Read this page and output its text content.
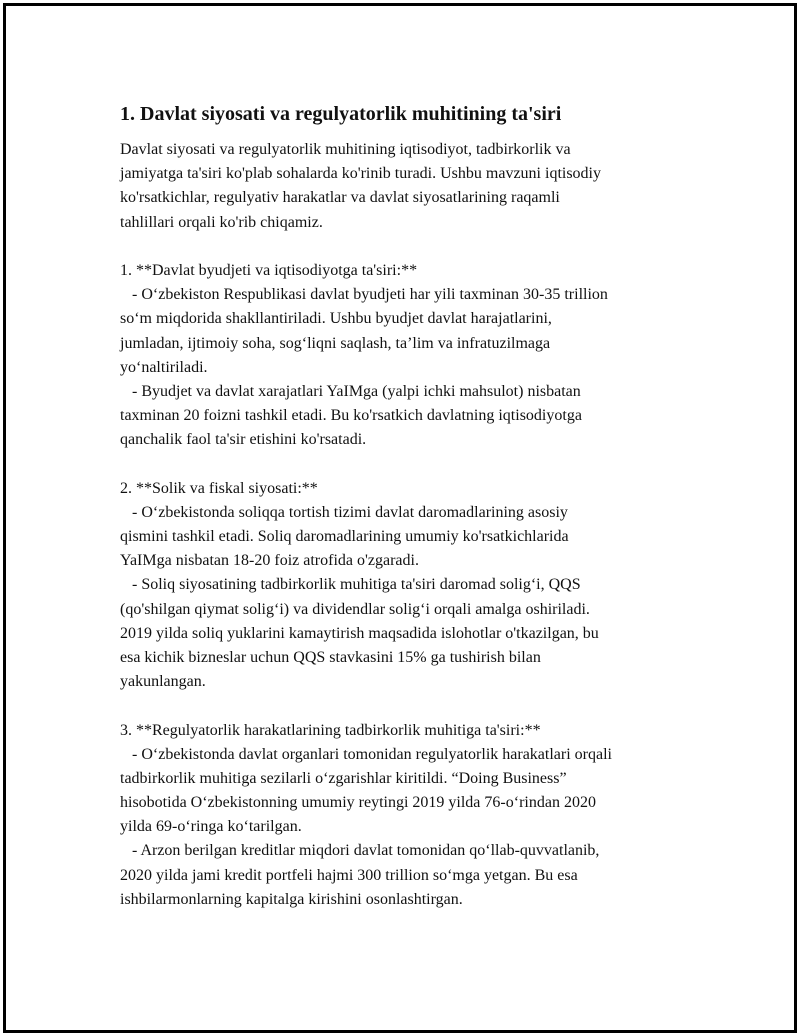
1. Davlat siyosati va regulyatorlik muhitining ta'siri
Davlat siyosati va regulyatorlik muhitining iqtisodiyot, tadbirkorlik va
jamiyatga ta'siri ko'plab sohalarda ko'rinib turadi. Ushbu mavzuni iqtisodiy
ko'rsatkichlar, regulyativ harakatlar va davlat siyosatlarining raqamli
tahlillari orqali ko'rib chiqamiz.
1. **Davlat byudjeti va iqtisodiyotga ta'siri:**
- O‘zbekiston Respublikasi davlat byudjeti har yili taxminan 30-35 trillion
so‘m miqdorida shakllantiriladi. Ushbu byudjet davlat harajatlarini,
jumladan, ijtimoiy soha, sog‘liqni saqlash, ta’lim va infratuzilmaga
yo‘naltiriladi.
- Byudjet va davlat xarajatlari YaIMga (yalpi ichki mahsulot) nisbatan
taxminan 20 foizni tashkil etadi. Bu ko'rsatkich davlatning iqtisodiyotga
qanchalik faol ta'sir etishini ko'rsatadi.
2. **Solik va fiskal siyosati:**
- O‘zbekistonda soliqqa tortish tizimi davlat daromadlarining asosiy
qismini tashkil etadi. Soliq daromadlarining umumiy ko'rsatkichlarida
YaIMga nisbatan 18-20 foiz atrofida o'zgaradi.
- Soliq siyosatining tadbirkorlik muhitiga ta'siri daromad solig‘i, QQS
(qo'shilgan qiymat solig‘i) va dividendlar solig‘i orqali amalga oshiriladi.
2019 yilda soliq yuklarini kamaytirish maqsadida islohotlar o'tkazilgan, bu
esa kichik bizneslar uchun QQS stavkasini 15% ga tushirish bilan
yakunlangan.
3. **Regulyatorlik harakatlarining tadbirkorlik muhitiga ta'siri:**
- O‘zbekistonda davlat organlari tomonidan regulyatorlik harakatlari orqali
tadbirkorlik muhitiga sezilarli o‘zgarishlar kiritildi. “Doing Business”
hisobotida O‘zbekistonning umumiy reytingi 2019 yilda 76-o‘rindan 2020
yilda 69-o‘ringa ko‘tarilgan.
- Arzon berilgan kreditlar miqdori davlat tomonidan qo‘llab-quvvatlanib,
2020 yilda jami kredit portfeli hajmi 300 trillion so‘mga yetgan. Bu esa
ishbilarmonlarning kapitalga kirishini osonlashtirgan.
